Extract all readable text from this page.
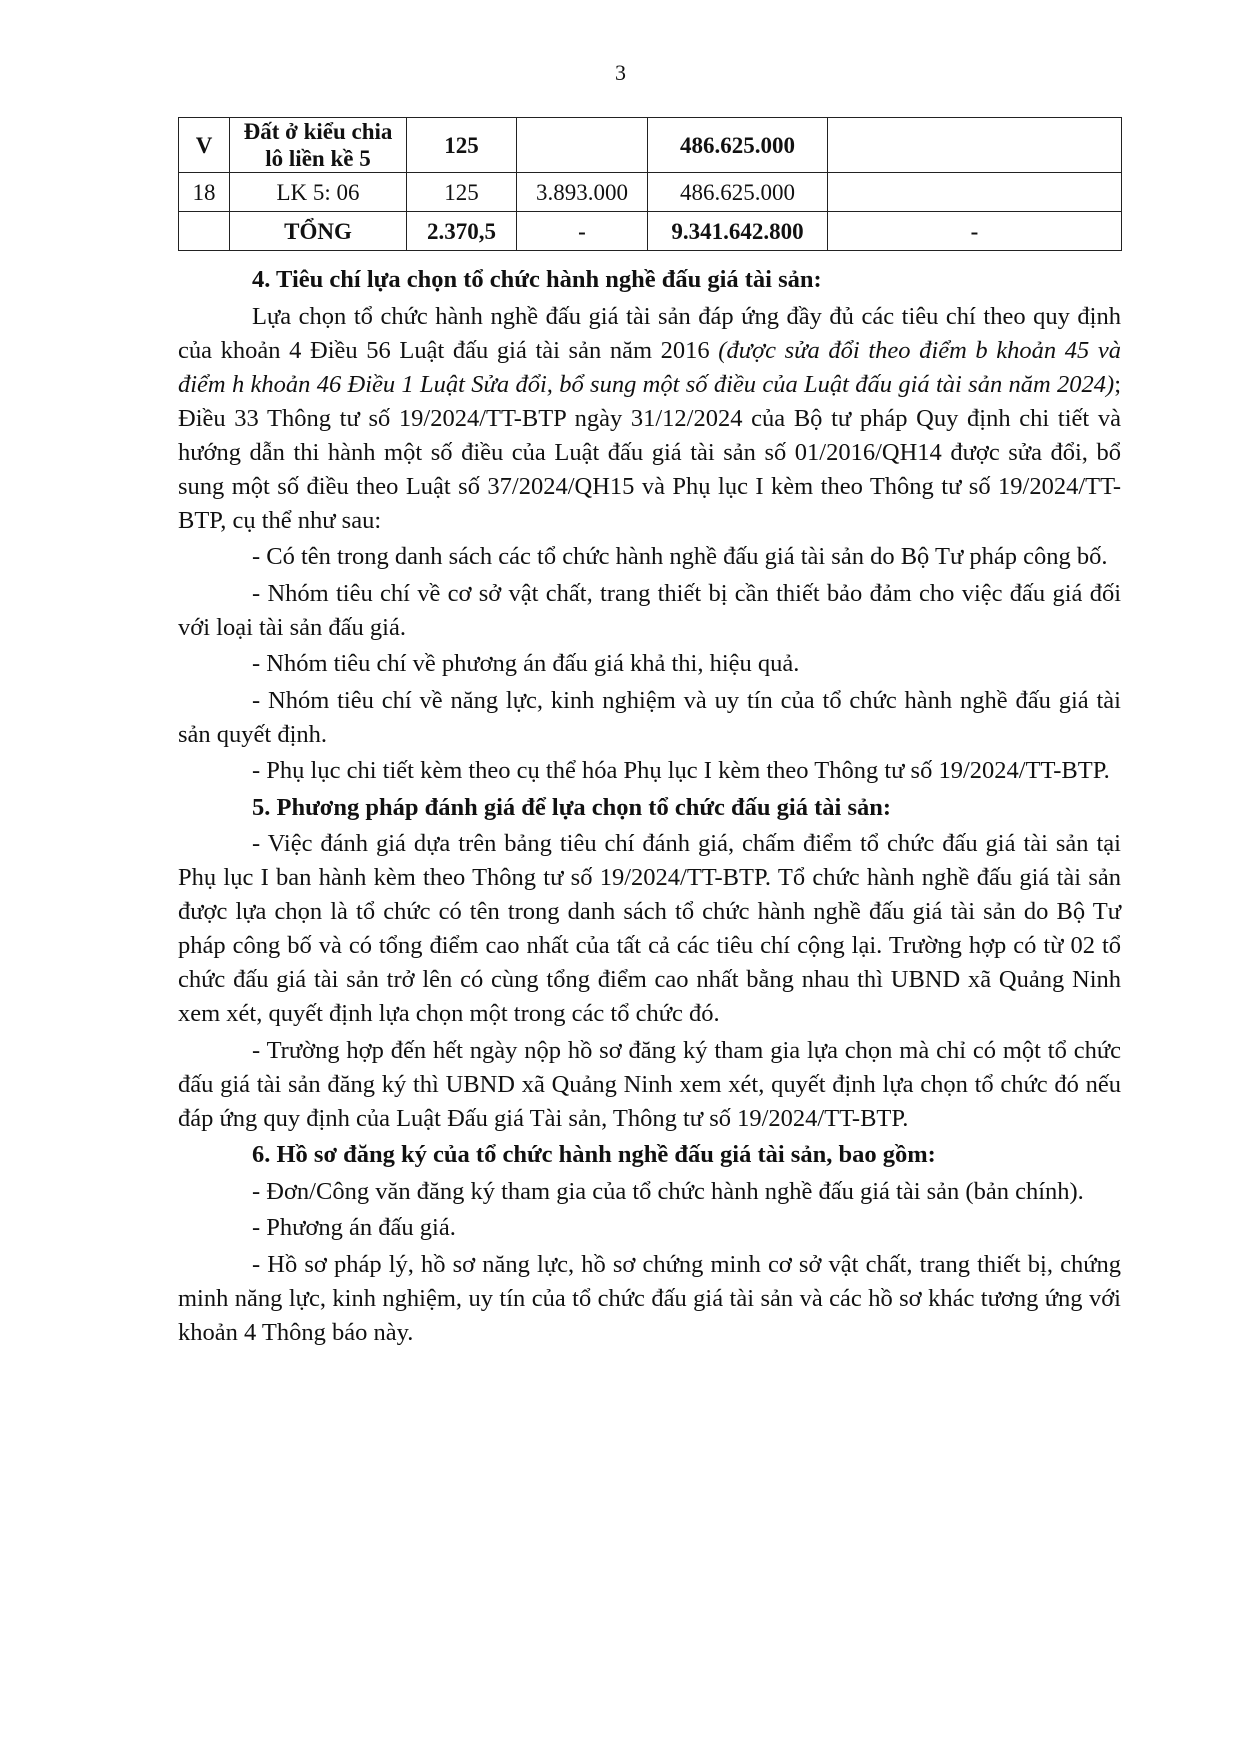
3
V	Đất ở kiểu chia lô liền kề 5	125		486.625.000	
18	LK 5: 06	125	3.893.000	486.625.000	
	TỔNG	2.370,5	-	9.341.642.800	-

4. Tiêu chí lựa chọn tổ chức hành nghề đấu giá tài sản:

Lựa chọn tổ chức hành nghề đấu giá tài sản đáp ứng đầy đủ các tiêu chí theo quy định của khoản 4 Điều 56 Luật đấu giá tài sản năm 2016 (được sửa đổi theo điểm b khoản 45 và điểm h khoản 46 Điều 1 Luật Sửa đổi, bổ sung một số điều của Luật đấu giá tài sản năm 2024); Điều 33 Thông tư số 19/2024/TT-BTP ngày 31/12/2024 của Bộ tư pháp Quy định chi tiết và hướng dẫn thi hành một số điều của Luật đấu giá tài sản số 01/2016/QH14 được sửa đổi, bổ sung một số điều theo Luật số 37/2024/QH15 và Phụ lục I kèm theo Thông tư số 19/2024/TT-BTP, cụ thể như sau:

- Có tên trong danh sách các tổ chức hành nghề đấu giá tài sản do Bộ Tư pháp công bố.

- Nhóm tiêu chí về cơ sở vật chất, trang thiết bị cần thiết bảo đảm cho việc đấu giá đối với loại tài sản đấu giá.

- Nhóm tiêu chí về phương án đấu giá khả thi, hiệu quả.

- Nhóm tiêu chí về năng lực, kinh nghiệm và uy tín của tổ chức hành nghề đấu giá tài sản quyết định.

- Phụ lục chi tiết kèm theo cụ thể hóa Phụ lục I kèm theo Thông tư số 19/2024/TT-BTP.

5. Phương pháp đánh giá để lựa chọn tổ chức đấu giá tài sản:

- Việc đánh giá dựa trên bảng tiêu chí đánh giá, chấm điểm tổ chức đấu giá tài sản tại Phụ lục I ban hành kèm theo Thông tư số 19/2024/TT-BTP. Tổ chức hành nghề đấu giá tài sản được lựa chọn là tổ chức có tên trong danh sách tổ chức hành nghề đấu giá tài sản do Bộ Tư pháp công bố và có tổng điểm cao nhất của tất cả các tiêu chí cộng lại. Trường hợp có từ 02 tổ chức đấu giá tài sản trở lên có cùng tổng điểm cao nhất bằng nhau thì UBND xã Quảng Ninh xem xét, quyết định lựa chọn một trong các tổ chức đó.

- Trường hợp đến hết ngày nộp hồ sơ đăng ký tham gia lựa chọn mà chỉ có một tổ chức đấu giá tài sản đăng ký thì UBND xã Quảng Ninh xem xét, quyết định lựa chọn tổ chức đó nếu đáp ứng quy định của Luật Đấu giá Tài sản, Thông tư số 19/2024/TT-BTP.

6. Hồ sơ đăng ký của tổ chức hành nghề đấu giá tài sản, bao gồm:

- Đơn/Công văn đăng ký tham gia của tổ chức hành nghề đấu giá tài sản (bản chính).

- Phương án đấu giá.

- Hồ sơ pháp lý, hồ sơ năng lực, hồ sơ chứng minh cơ sở vật chất, trang thiết bị, chứng minh năng lực, kinh nghiệm, uy tín của tổ chức đấu giá tài sản và các hồ sơ khác tương ứng với khoản 4 Thông báo này.
